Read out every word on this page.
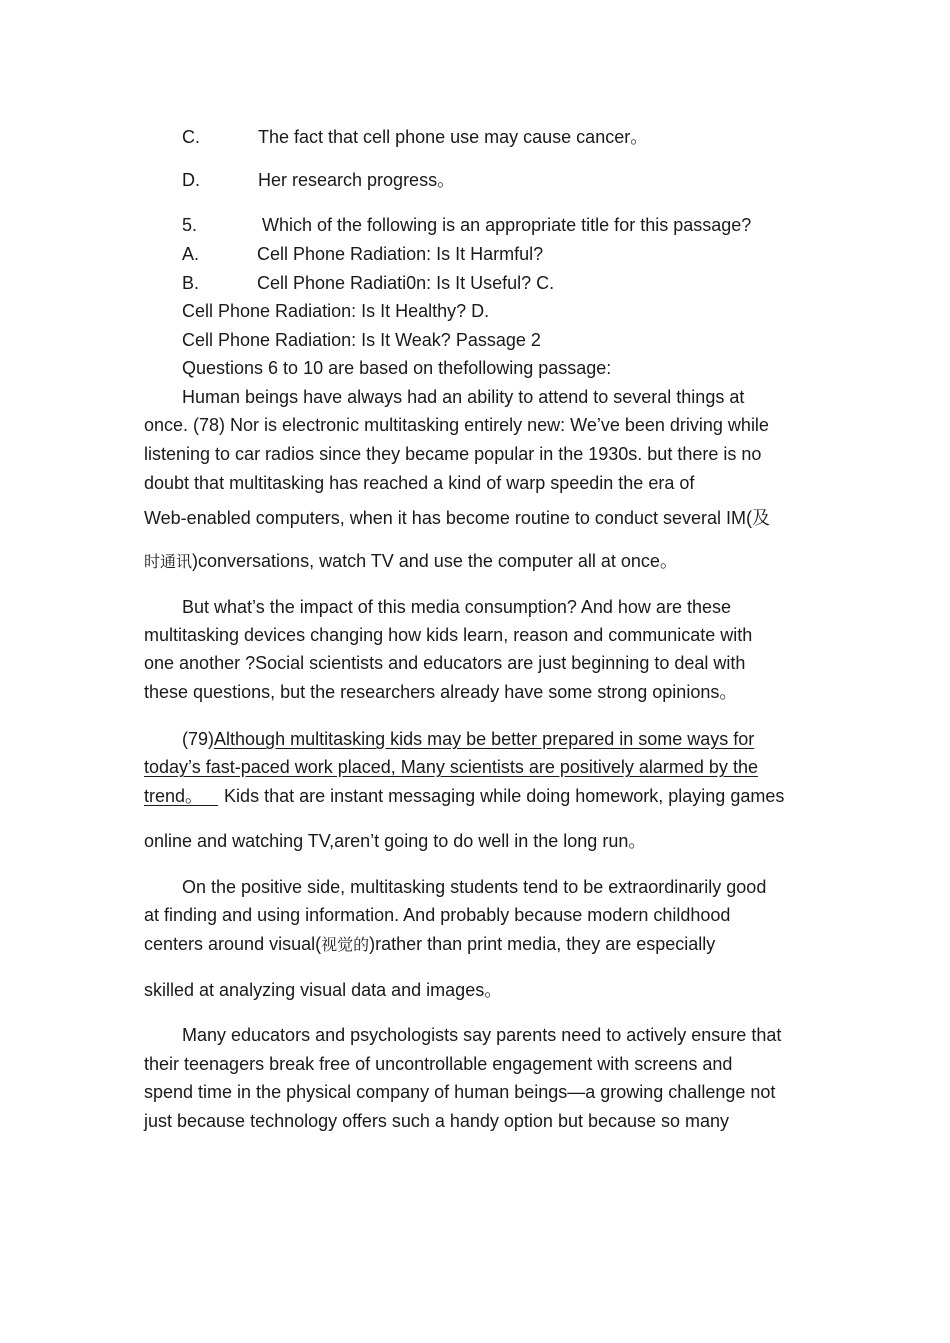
C.	The fact that cell phone use may cause cancer。
D.	Her research progress。
5.	Which of the following is an appropriate title for this passage?
A.	Cell Phone Radiation: Is It Harmful?
B.	Cell Phone Radiati0n: Is It Useful? C.
Cell Phone Radiation: Is It Healthy? D.
Cell Phone Radiation: Is It Weak? Passage 2
Questions 6 to 10 are based on thefollowing passage:
Human beings have always had an ability to attend to several things at
once. (78) Nor is electronic multitasking entirely new: We’ve been driving while
listening to car radios since they became popular in the 1930s. but there is no
doubt that multitasking has reached a kind of warp speedin the era of
Web-enabled computers, when it has become routine to conduct several IM(及
时通讯)conversations, watch TV and use the computer all at once。
But what’s the impact of this media consumption? And how are these
multitasking devices changing how kids learn, reason and communicate with
one another ?Social scientists and educators are just beginning to deal with
these questions, but the researchers already have some strong opinions。
(79)Although multitasking kids may be better prepared in some ways for
today’s fast-paced work placed, Many scientists are positively alarmed by the
trend。 Kids that are instant messaging while doing homework, playing games
online and watching TV,aren’t going to do well in the long run。
On the positive side, multitasking students tend to be extraordinarily good
at finding and using information. And probably because modern childhood
centers around visual(视觉的)rather than print media, they are especially
skilled at analyzing visual data and images。
Many educators and psychologists say parents need to actively ensure that
their teenagers break free of uncontrollable engagement with screens and
spend time in the physical company of human beings—a growing challenge not
just because technology offers such a handy option but because so many
